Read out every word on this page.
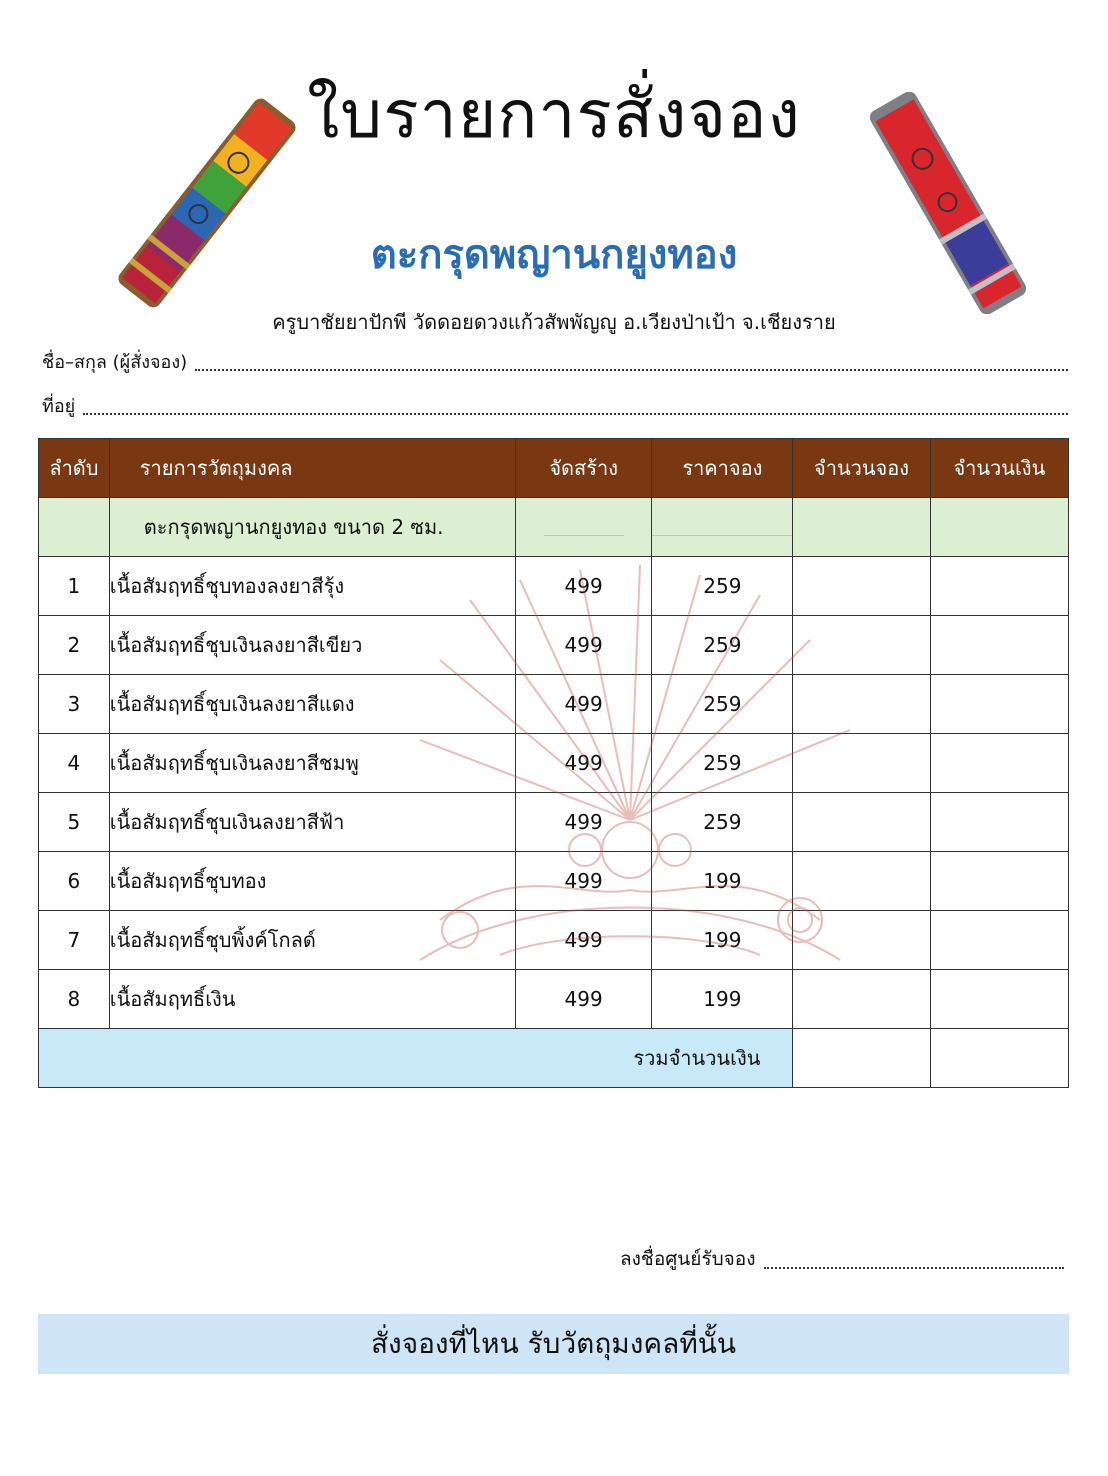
ใบรายการสั่งจอง
ตะกรุดพญานกยูงทอง
ครูบาชัยยาปักพี วัดดอยดวงแก้วสัพพัญญู อ.เวียงป่าเป้า จ.เชียงราย
ชื่อ–สกุล (ผู้สั่งจอง)
ที่อยู่
ลำดับ	รายการวัตถุมงคล	จัดสร้าง	ราคาจอง	จำนวนจอง	จำนวนเงิน
	ตะกรุดพญานกยูงทอง ขนาด 2 ซม.	

1	เนื้อสัมฤทธิ์ชุบทองลงยาสีรุ้ง	499	259		
2	เนื้อสัมฤทธิ์ชุบเงินลงยาสีเขียว	499	259		
3	เนื้อสัมฤทธิ์ชุบเงินลงยาสีแดง	499	259		
4	เนื้อสัมฤทธิ์ชุบเงินลงยาสีชมพู	499	259		
5	เนื้อสัมฤทธิ์ชุบเงินลงยาสีฟ้า	499	259		
6	เนื้อสัมฤทธิ์ชุบทอง	499	199		
7	เนื้อสัมฤทธิ์ชุบพิ้งค์โกลด์	499	199		
8	เนื้อสัมฤทธิ์เงิน	499	199		
รวมจำนวนเงิน					
ลงชื่อศูนย์รับจอง
สั่งจองที่ไหน รับวัตถุมงคลที่นั้น
